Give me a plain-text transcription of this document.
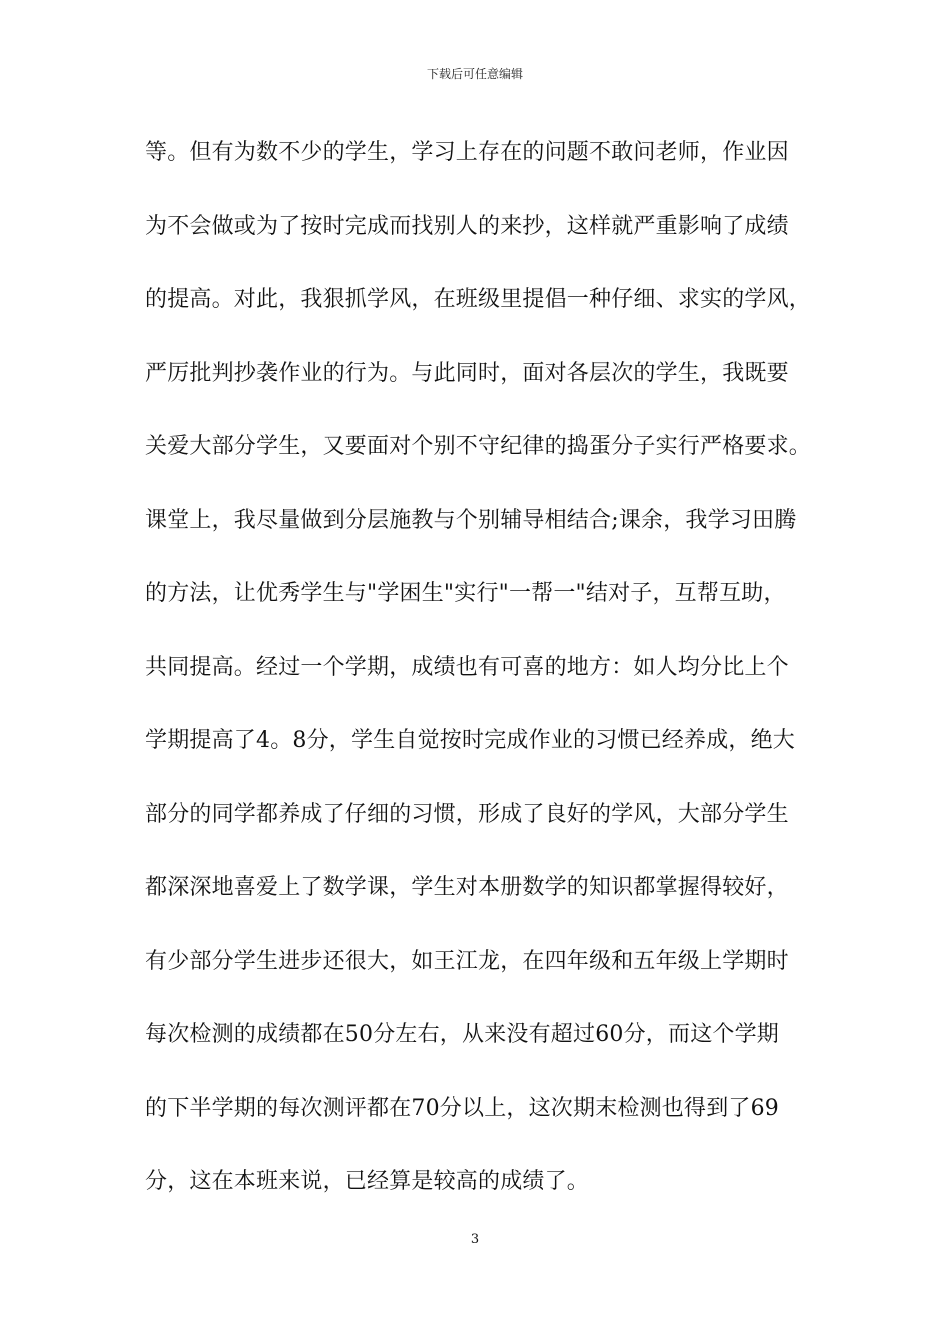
下载后可任意编辑
等。但有为数不少的学生，学习上存在的问题不敢问老师，作业因
为不会做或为了按时完成而找别人的来抄，这样就严重影响了成绩
的提高。对此，我狠抓学风，在班级里提倡一种仔细、求实的学风，
严厉批判抄袭作业的行为。与此同时，面对各层次的学生，我既要
关爱大部分学生，又要面对个别不守纪律的捣蛋分子实行严格要求。
课堂上，我尽量做到分层施教与个别辅导相结合;课余，我学习田腾
的方法，让优秀学生与"学困生"实行"一帮一"结对子，互帮互助，
共同提高。经过一个学期，成绩也有可喜的地方：如人均分比上个
学期提高了4。8分，学生自觉按时完成作业的习惯已经养成，绝大
部分的同学都养成了仔细的习惯，形成了良好的学风，大部分学生
都深深地喜爱上了数学课，学生对本册数学的知识都掌握得较好，
有少部分学生进步还很大，如王江龙，在四年级和五年级上学期时
每次检测的成绩都在50分左右，从来没有超过60分，而这个学期
的下半学期的每次测评都在70分以上，这次期末检测也得到了69
分，这在本班来说，已经算是较高的成绩了。
3
